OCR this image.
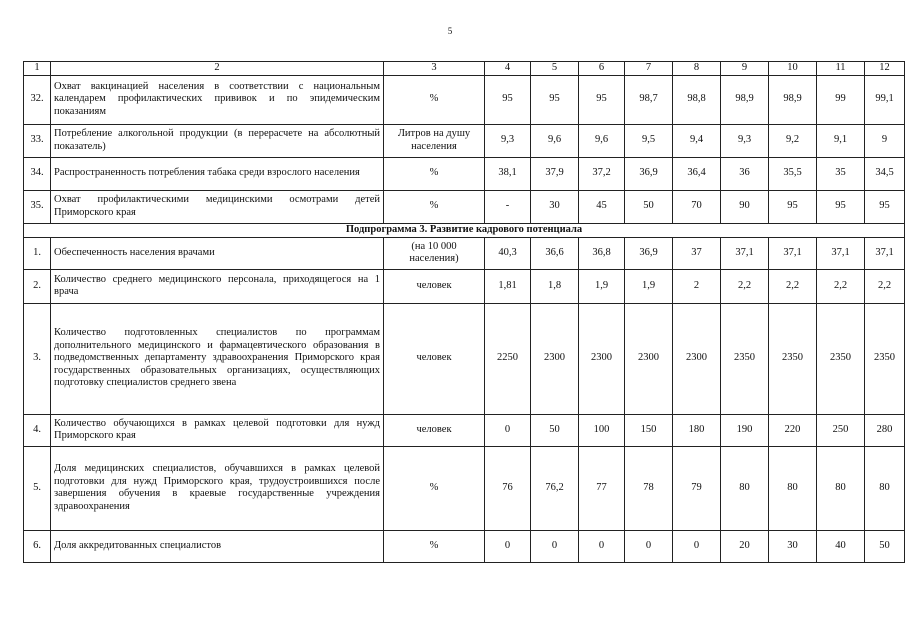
5
1	2	3	4	5	6	7	8	9	10	11	12
32.	Охват вакцинацией населения в соответствии с национальным календарем профилактических прививок и по эпидемическим показаниям	%	95	95	95	98,7	98,8	98,9	98,9	99	99,1
33.	Потребление алкогольной продукции (в перерасчете на абсолютный показатель)	Литров на душу населения	9,3	9,6	9,6	9,5	9,4	9,3	9,2	9,1	9
34.	Распространенность потребления табака среди взрослого населения	%	38,1	37,9	37,2	36,9	36,4	36	35,5	35	34,5
35.	Охват профилактическими медицинскими осмотрами детей Приморского края	%	-	30	45	50	70	90	95	95	95
Подпрограмма 3. Развитие кадрового потенциала											
1.	Обеспеченность населения врачами	(на 10 000 населения)	40,3	36,6	36,8	36,9	37	37,1	37,1	37,1	37,1
2.	Количество среднего медицинского персонала, приходящегося на 1 врача	человек	1,81	1,8	1,9	1,9	2	2,2	2,2	2,2	2,2
3.	Количество подготовленных специалистов по программам дополнительного медицинского и фармацевтического образования в подведомственных департаменту здравоохранения Приморского края государственных образовательных организациях, осуществляющих подготовку специалистов среднего звена	человек	2250	2300	2300	2300	2300	2350	2350	2350	2350
4.	Количество обучающихся в рамках целевой подготовки для нужд Приморского края	человек	0	50	100	150	180	190	220	250	280
5.	Доля медицинских специалистов, обучавшихся в рамках целевой подготовки для нужд Приморского края, трудоустроившихся после завершения обучения в краевые государственные учреждения здравоохранения	%	76	76,2	77	78	79	80	80	80	80
6.	Доля аккредитованных специалистов	%	0	0	0	0	0	20	30	40	50
